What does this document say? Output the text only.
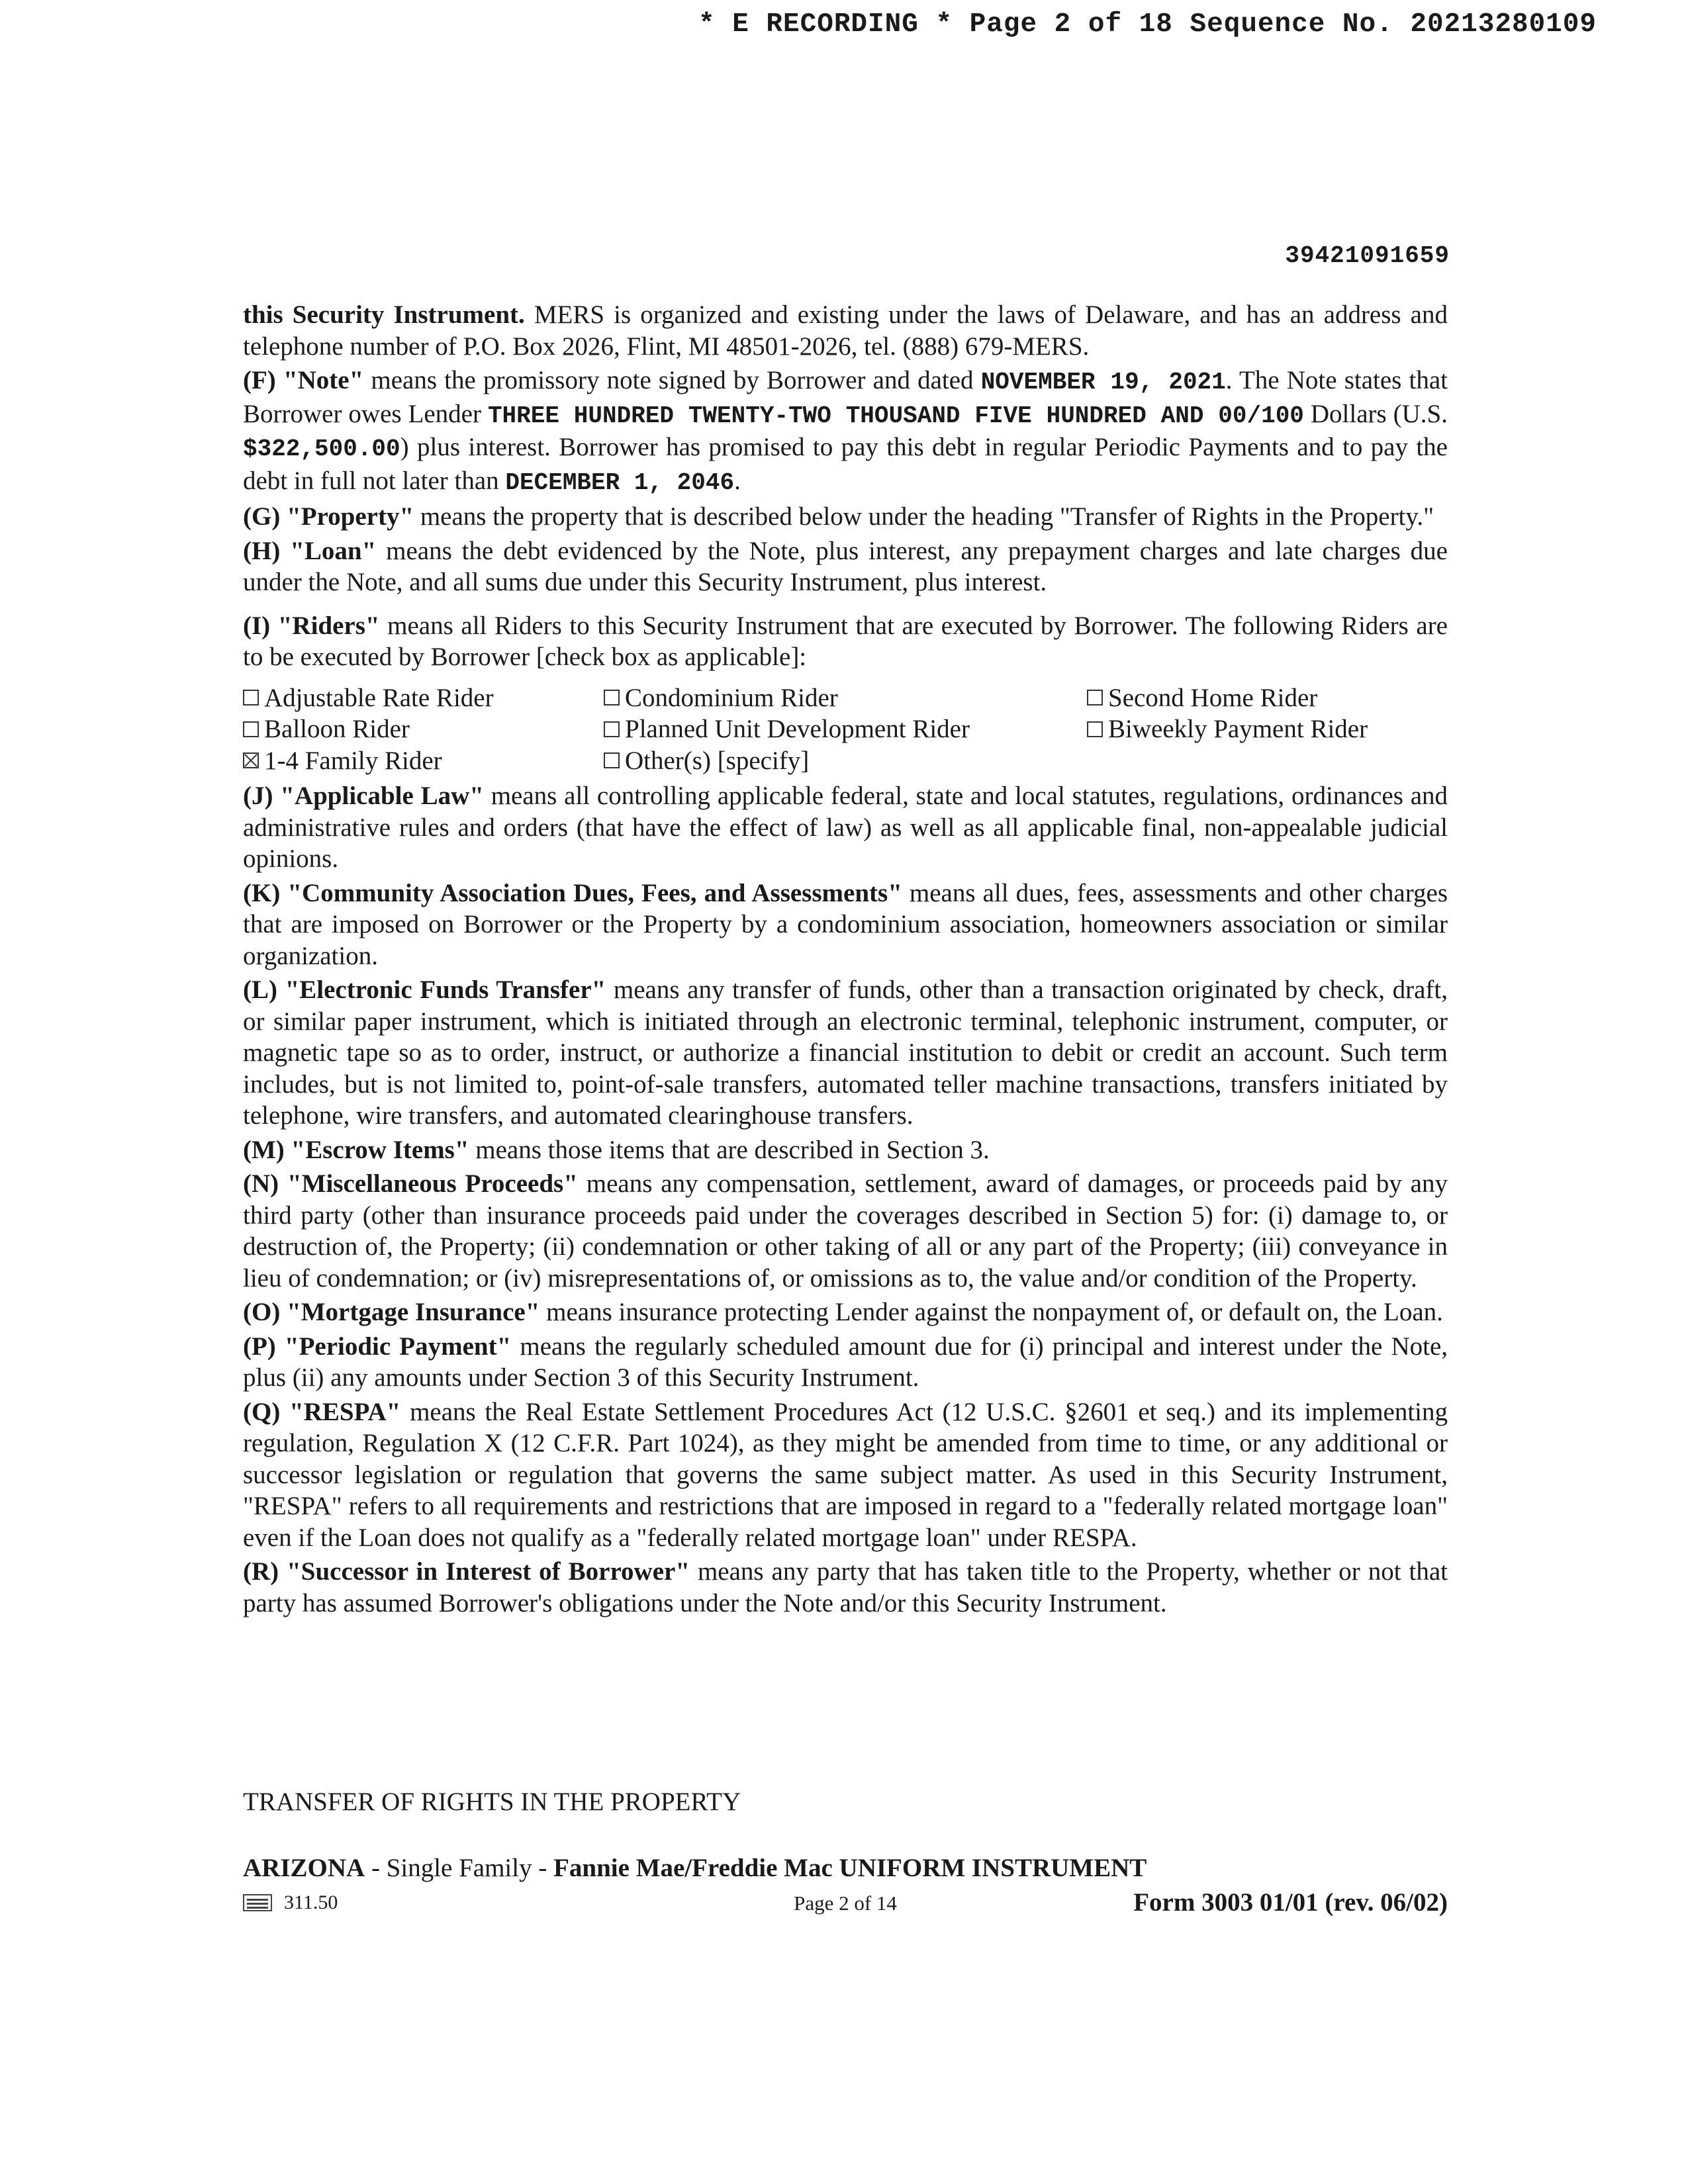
* E RECORDING * Page 2 of 18 Sequence No. 20213280109
39421091659

this Security Instrument. MERS is organized and existing under the laws of Delaware, and has an address and telephone number of P.O. Box 2026, Flint, MI 48501-2026, tel. (888) 679-MERS.

(F) "Note" means the promissory note signed by Borrower and dated NOVEMBER 19, 2021. The Note states that Borrower owes Lender THREE HUNDRED TWENTY-TWO THOUSAND FIVE HUNDRED AND 00/100 Dollars (U.S. $322,500.00) plus interest. Borrower has promised to pay this debt in regular Periodic Payments and to pay the debt in full not later than DECEMBER 1, 2046.

(G) "Property" means the property that is described below under the heading "Transfer of Rights in the Property."

(H) "Loan" means the debt evidenced by the Note, plus interest, any prepayment charges and late charges due under the Note, and all sums due under this Security Instrument, plus interest.

(I) "Riders" means all Riders to this Security Instrument that are executed by Borrower. The following Riders are to be executed by Borrower [check box as applicable]:

Adjustable Rate Rider	Condominium Rider	Second Home Rider
Balloon Rider	Planned Unit Development Rider	Biweekly Payment Rider
1-4 Family Rider	Other(s) [specify]

(J) "Applicable Law" means all controlling applicable federal, state and local statutes, regulations, ordinances and administrative rules and orders (that have the effect of law) as well as all applicable final, non-appealable judicial opinions.

(K) "Community Association Dues, Fees, and Assessments" means all dues, fees, assessments and other charges that are imposed on Borrower or the Property by a condominium association, homeowners association or similar organization.

(L) "Electronic Funds Transfer" means any transfer of funds, other than a transaction originated by check, draft, or similar paper instrument, which is initiated through an electronic terminal, telephonic instrument, computer, or magnetic tape so as to order, instruct, or authorize a financial institution to debit or credit an account. Such term includes, but is not limited to, point-of-sale transfers, automated teller machine transactions, transfers initiated by telephone, wire transfers, and automated clearinghouse transfers.

(M) "Escrow Items" means those items that are described in Section 3.

(N) "Miscellaneous Proceeds" means any compensation, settlement, award of damages, or proceeds paid by any third party (other than insurance proceeds paid under the coverages described in Section 5) for: (i) damage to, or destruction of, the Property; (ii) condemnation or other taking of all or any part of the Property; (iii) conveyance in lieu of condemnation; or (iv) misrepresentations of, or omissions as to, the value and/or condition of the Property.

(O) "Mortgage Insurance" means insurance protecting Lender against the nonpayment of, or default on, the Loan.

(P) "Periodic Payment" means the regularly scheduled amount due for (i) principal and interest under the Note, plus (ii) any amounts under Section 3 of this Security Instrument.

(Q) "RESPA" means the Real Estate Settlement Procedures Act (12 U.S.C. §2601 et seq.) and its implementing regulation, Regulation X (12 C.F.R. Part 1024), as they might be amended from time to time, or any additional or successor legislation or regulation that governs the same subject matter. As used in this Security Instrument, "RESPA" refers to all requirements and restrictions that are imposed in regard to a "federally related mortgage loan" even if the Loan does not qualify as a "federally related mortgage loan" under RESPA.

(R) "Successor in Interest of Borrower" means any party that has taken title to the Property, whether or not that party has assumed Borrower's obligations under the Note and/or this Security Instrument.

TRANSFER OF RIGHTS IN THE PROPERTY
ARIZONA - Single Family - Fannie Mae/Freddie Mac UNIFORM INSTRUMENT
311.50	Page 2 of 14	Form 3003 01/01 (rev. 06/02)
